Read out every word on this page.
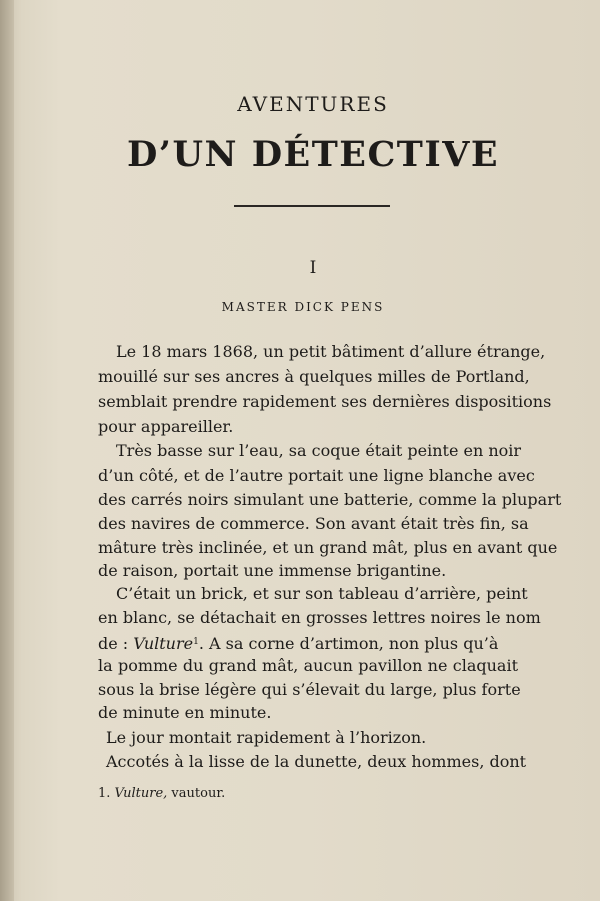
AVENTURES
D’UN DÉTECTIVE
I
MASTER DICK PENS
Le 18 mars 1868, un petit bâtiment d’allure étrange,
mouillé sur ses ancres à quelques milles de Portland,
semblait prendre rapidement ses dernières dispositions
pour appareiller.
Très basse sur l’eau, sa coque était peinte en noir
d’un côté, et de l’autre portait une ligne blanche avec
des carrés noirs simulant une batterie, comme la plupart
des navires de commerce. Son avant était très fin, sa
mâture très inclinée, et un grand mât, plus en avant que
de raison, portait une immense brigantine.
C’était un brick, et sur son tableau d’arrière, peint
en blanc, se détachait en grosses lettres noires le nom
de : Vulture$^1$. A sa corne d’artimon, non plus qu’à
la pomme du grand mât, aucun pavillon ne claquait
sous la brise légère qui s’élevait du large, plus forte
de minute en minute.
Le jour montait rapidement à l’horizon.
Accotés à la lisse de la dunette, deux hommes, dont
1. Vulture, vautour.
